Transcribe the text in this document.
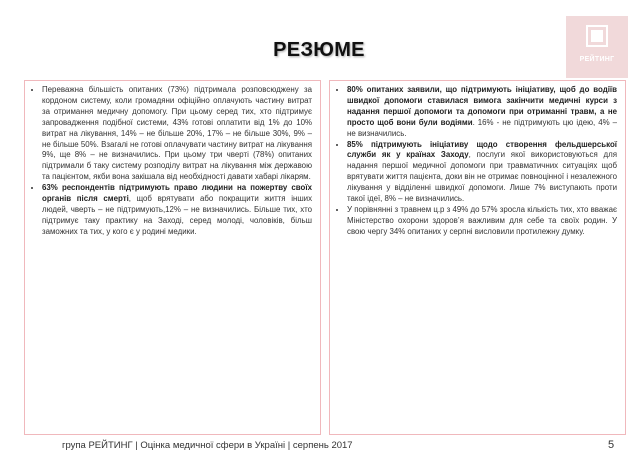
РЕЗЮМЕ	РЕЙТИНГ
• Переважна більшість опитаних (73%) підтримала розповсюджену за кордоном систему, коли громадяни офіційно оплачують частину витрат за отримання медичну допомогу. При цьому серед тих, хто підтримує запровадження подібної системи, 43% готові оплатити від 1% до 10% витрат на лікування, 14% – не більше 20%, 17% – не більше 30%, 9% – не більше 50%. Взагалі не готові оплачувати частину витрат на лікування 9%, ще 8% – не визначились. При цьому три чверті (78%) опитаних підтримали б таку систему розподілу витрат на лікування між державою та пацієнтом, якби вона закішала від необхідності давати хабарі лікарям.
• 63% респондентів підтримують право людини на пожертву своїх органів після смерті, щоб врятувати або покращити життя інших людей, чверть – не підтримують,12% – не визначились. Більше тих, хто підтримує таку практику на Заході, серед молоді, чоловіків, більш заможних та тих, у кого є у родині медики.
• 80% опитаних заявили, що підтримують ініціативу, щоб до водіїв швидкої допомоги ставилася вимога закінчити медичні курси з надання першої допомоги та допомоги при отриманні травм, а не просто щоб вони були водіями. 16% - не підтримують цю ідею, 4% – не визначились.
• 85% підтримують ініціативу щодо створення фельдшерської служби як у країнах Заходу, послуги якої використовуються для надання першої медичної допомоги при травматичних ситуаціях щоб врятувати життя пацієнта, доки він не отримає повноцінної і незалежного лікування у відділенні швидкої допомоги. Лише 7% виступають проти такої ідеї, 8% – не визначились.
• У порівнянні з травнем ц.р з 49% до 57% зросла кількість тих, хто вважає Міністерство охорони здоров’я важливим для себе та своїх родин. У свою чергу 34% опитаних у серпні висловили протилежну думку.
група РЕЙТИНГ | Оцінка медичної сфери в Україні | серпень 2017	5
